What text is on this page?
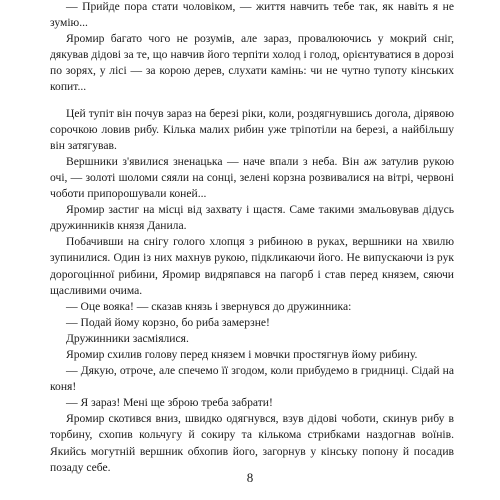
— Прийде пора стати чоловіком, — життя навчить тебе так, як навіть я не зумію...

Яромир багато чого не розумів, але зараз, провалюючись у мокрий сніг, дякував дідові за те, що навчив його терпіти холод і голод, орієнтуватися в дорозі по зорях, у лісі — за корою дерев, слухати камінь: чи не чутно тупоту кінських копит...

Цей тупіт він почув зараз на березі ріки, коли, роздягнувшись догола, дірявою сорочкою ловив рибу. Кілька малих рибин уже тріпотіли на березі, а найбільшу він затягував.

Вершники з'явилися зненацька — наче впали з неба. Він аж затулив рукою очі, — золоті шоломи сяяли на сонці, зелені корзна розвивалися на вітрі, червоні чоботи припорошували коней...

Яромир застиг на місці від захвату і щастя. Саме такими змальовував дідусь дружинників князя Данила.

Побачивши на снігу голого хлопця з рибиною в руках, вершники на хвилю зупинилися. Один із них махнув рукою, підкликаючи його. Не випускаючи із рук дорогоцінної рибини, Яромир видряпався на пагорб і став перед князем, сяючи щасливими очима.

— Оце вояка! — сказав князь і звернувся до дружинника:

— Подай йому корзно, бо риба замерзне!

Дружинники засміялися.

Яромир схилив голову перед князем і мовчки простягнув йому рибину.

— Дякую, отроче, але спечемо її згодом, коли прибудемо в гридниці. Сідай на коня!

— Я зараз! Мені ще зброю треба забрати!

Яромир скотився вниз, швидко одягнувся, взув дідові чоботи, скинув рибу в торбину, схопив кольчугу й сокиру та кількома стрибками наздогнав воїнів. Якийсь могутній вершник обхопив його, загорнув у кінську попону й посадив позаду себе.

8
